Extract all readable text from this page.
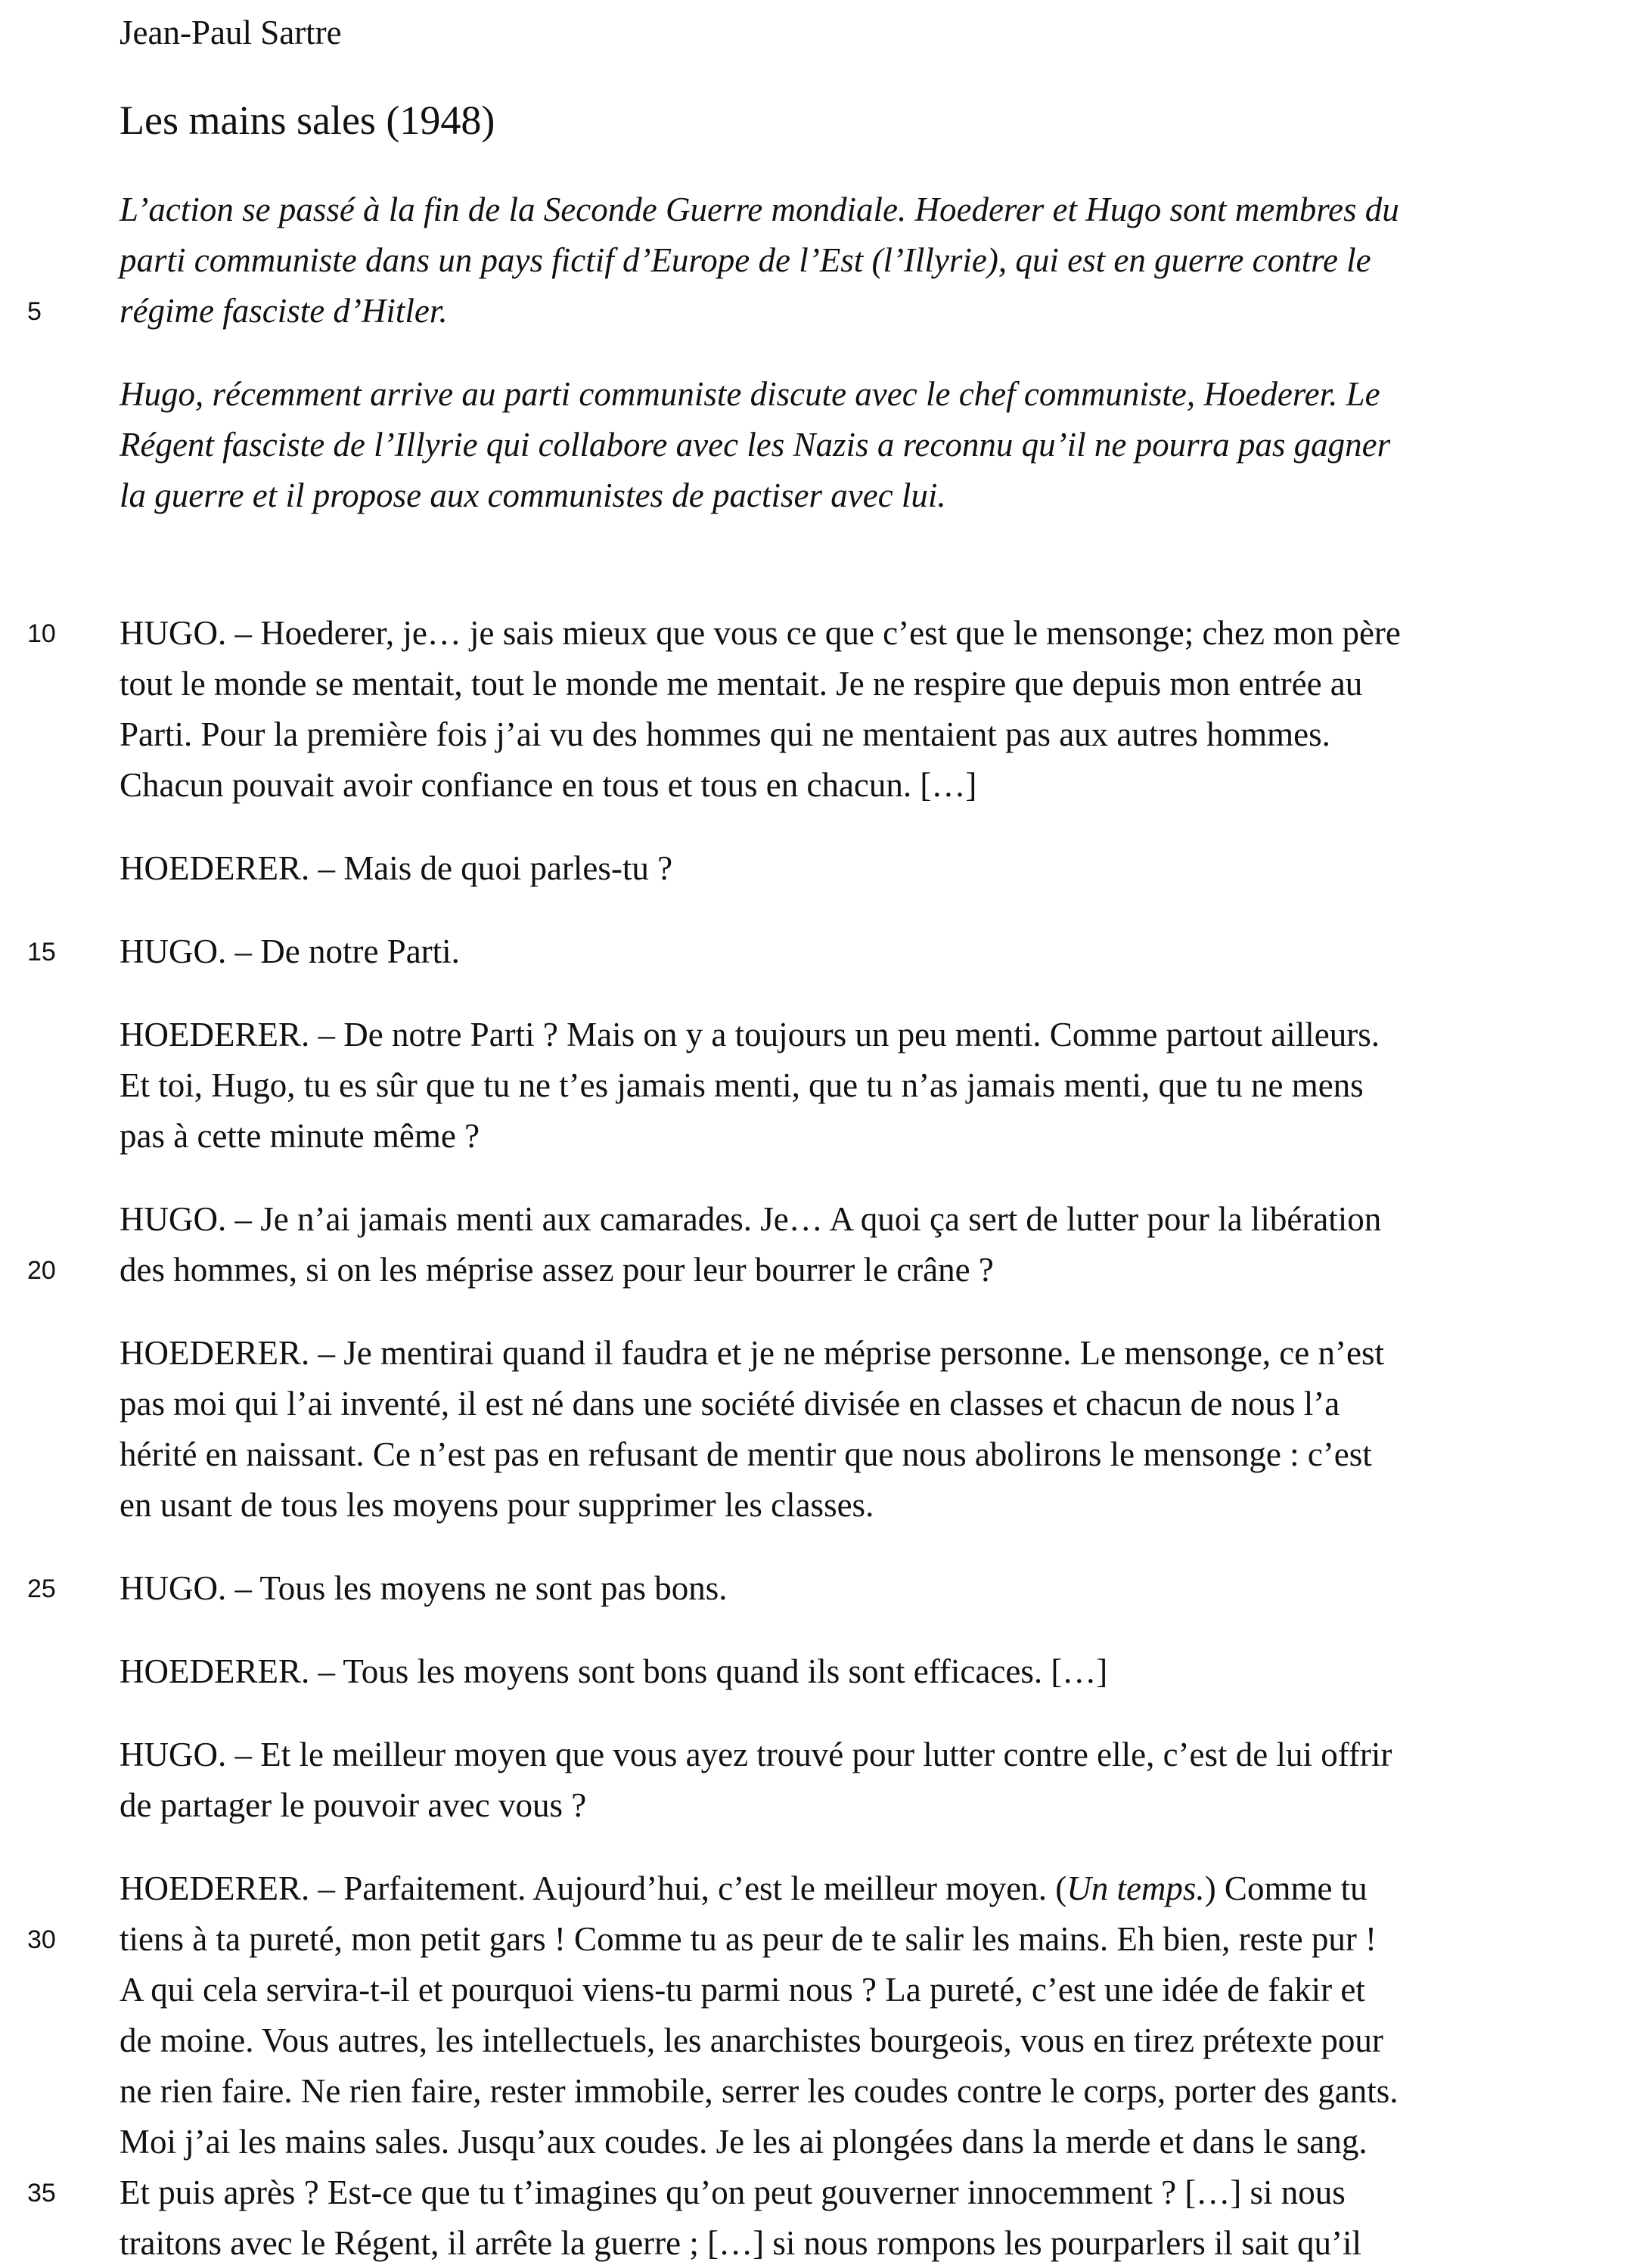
Jean-Paul Sartre
Les mains sales (1948)
L’action se passé à la fin de la Seconde Guerre mondiale. Hoederer et Hugo sont membres du
parti communiste dans un pays fictif d’Europe de l’Est (l’Illyrie), qui est en guerre contre le
régime fasciste d’Hitler.
Hugo, récemment arrive au parti communiste discute avec le chef communiste, Hoederer. Le
Régent fasciste de l’Illyrie qui collabore avec les Nazis a reconnu qu’il ne pourra pas gagner
la guerre et il propose aux communistes de pactiser avec lui.
HUGO. – Hoederer, je… je sais mieux que vous ce que c’est que le mensonge; chez mon père
tout le monde se mentait, tout le monde me mentait. Je ne respire que depuis mon entrée au
Parti. Pour la première fois j’ai vu des hommes qui ne mentaient pas aux autres hommes.
Chacun pouvait avoir confiance en tous et tous en chacun. […]
HOEDERER. – Mais de quoi parles-tu ?
HUGO. – De notre Parti.
HOEDERER. – De notre Parti ? Mais on y a toujours un peu menti. Comme partout ailleurs.
Et toi, Hugo, tu es sûr que tu ne t’es jamais menti, que tu n’as jamais menti, que tu ne mens
pas à cette minute même ?
HUGO. – Je n’ai jamais menti aux camarades. Je… A quoi ça sert de lutter pour la libération
des hommes, si on les méprise assez pour leur bourrer le crâne ?
HOEDERER. – Je mentirai quand il faudra et je ne méprise personne. Le mensonge, ce n’est
pas moi qui l’ai inventé, il est né dans une société divisée en classes et chacun de nous l’a
hérité en naissant. Ce n’est pas en refusant de mentir que nous abolirons le mensonge : c’est
en usant de tous les moyens pour supprimer les classes.
HUGO. – Tous les moyens ne sont pas bons.
HOEDERER. – Tous les moyens sont bons quand ils sont efficaces. […]
HUGO. – Et le meilleur moyen que vous ayez trouvé pour lutter contre elle, c’est de lui offrir
de partager le pouvoir avec vous ?
HOEDERER. – Parfaitement. Aujourd’hui, c’est le meilleur moyen. (Un temps.) Comme tu
tiens à ta pureté, mon petit gars ! Comme tu as peur de te salir les mains. Eh bien, reste pur !
A qui cela servira-t-il et pourquoi viens-tu parmi nous ? La pureté, c’est une idée de fakir et
de moine. Vous autres, les intellectuels, les anarchistes bourgeois, vous en tirez prétexte pour
ne rien faire. Ne rien faire, rester immobile, serrer les coudes contre le corps, porter des gants.
Moi j’ai les mains sales. Jusqu’aux coudes. Je les ai plongées dans la merde et dans le sang.
Et puis après ? Est-ce que tu t’imagines qu’on peut gouverner innocemment ? […] si nous
traitons avec le Régent, il arrête la guerre ; […] si nous rompons les pourparlers il sait qu’il
5
10
15
20
25
30
35
